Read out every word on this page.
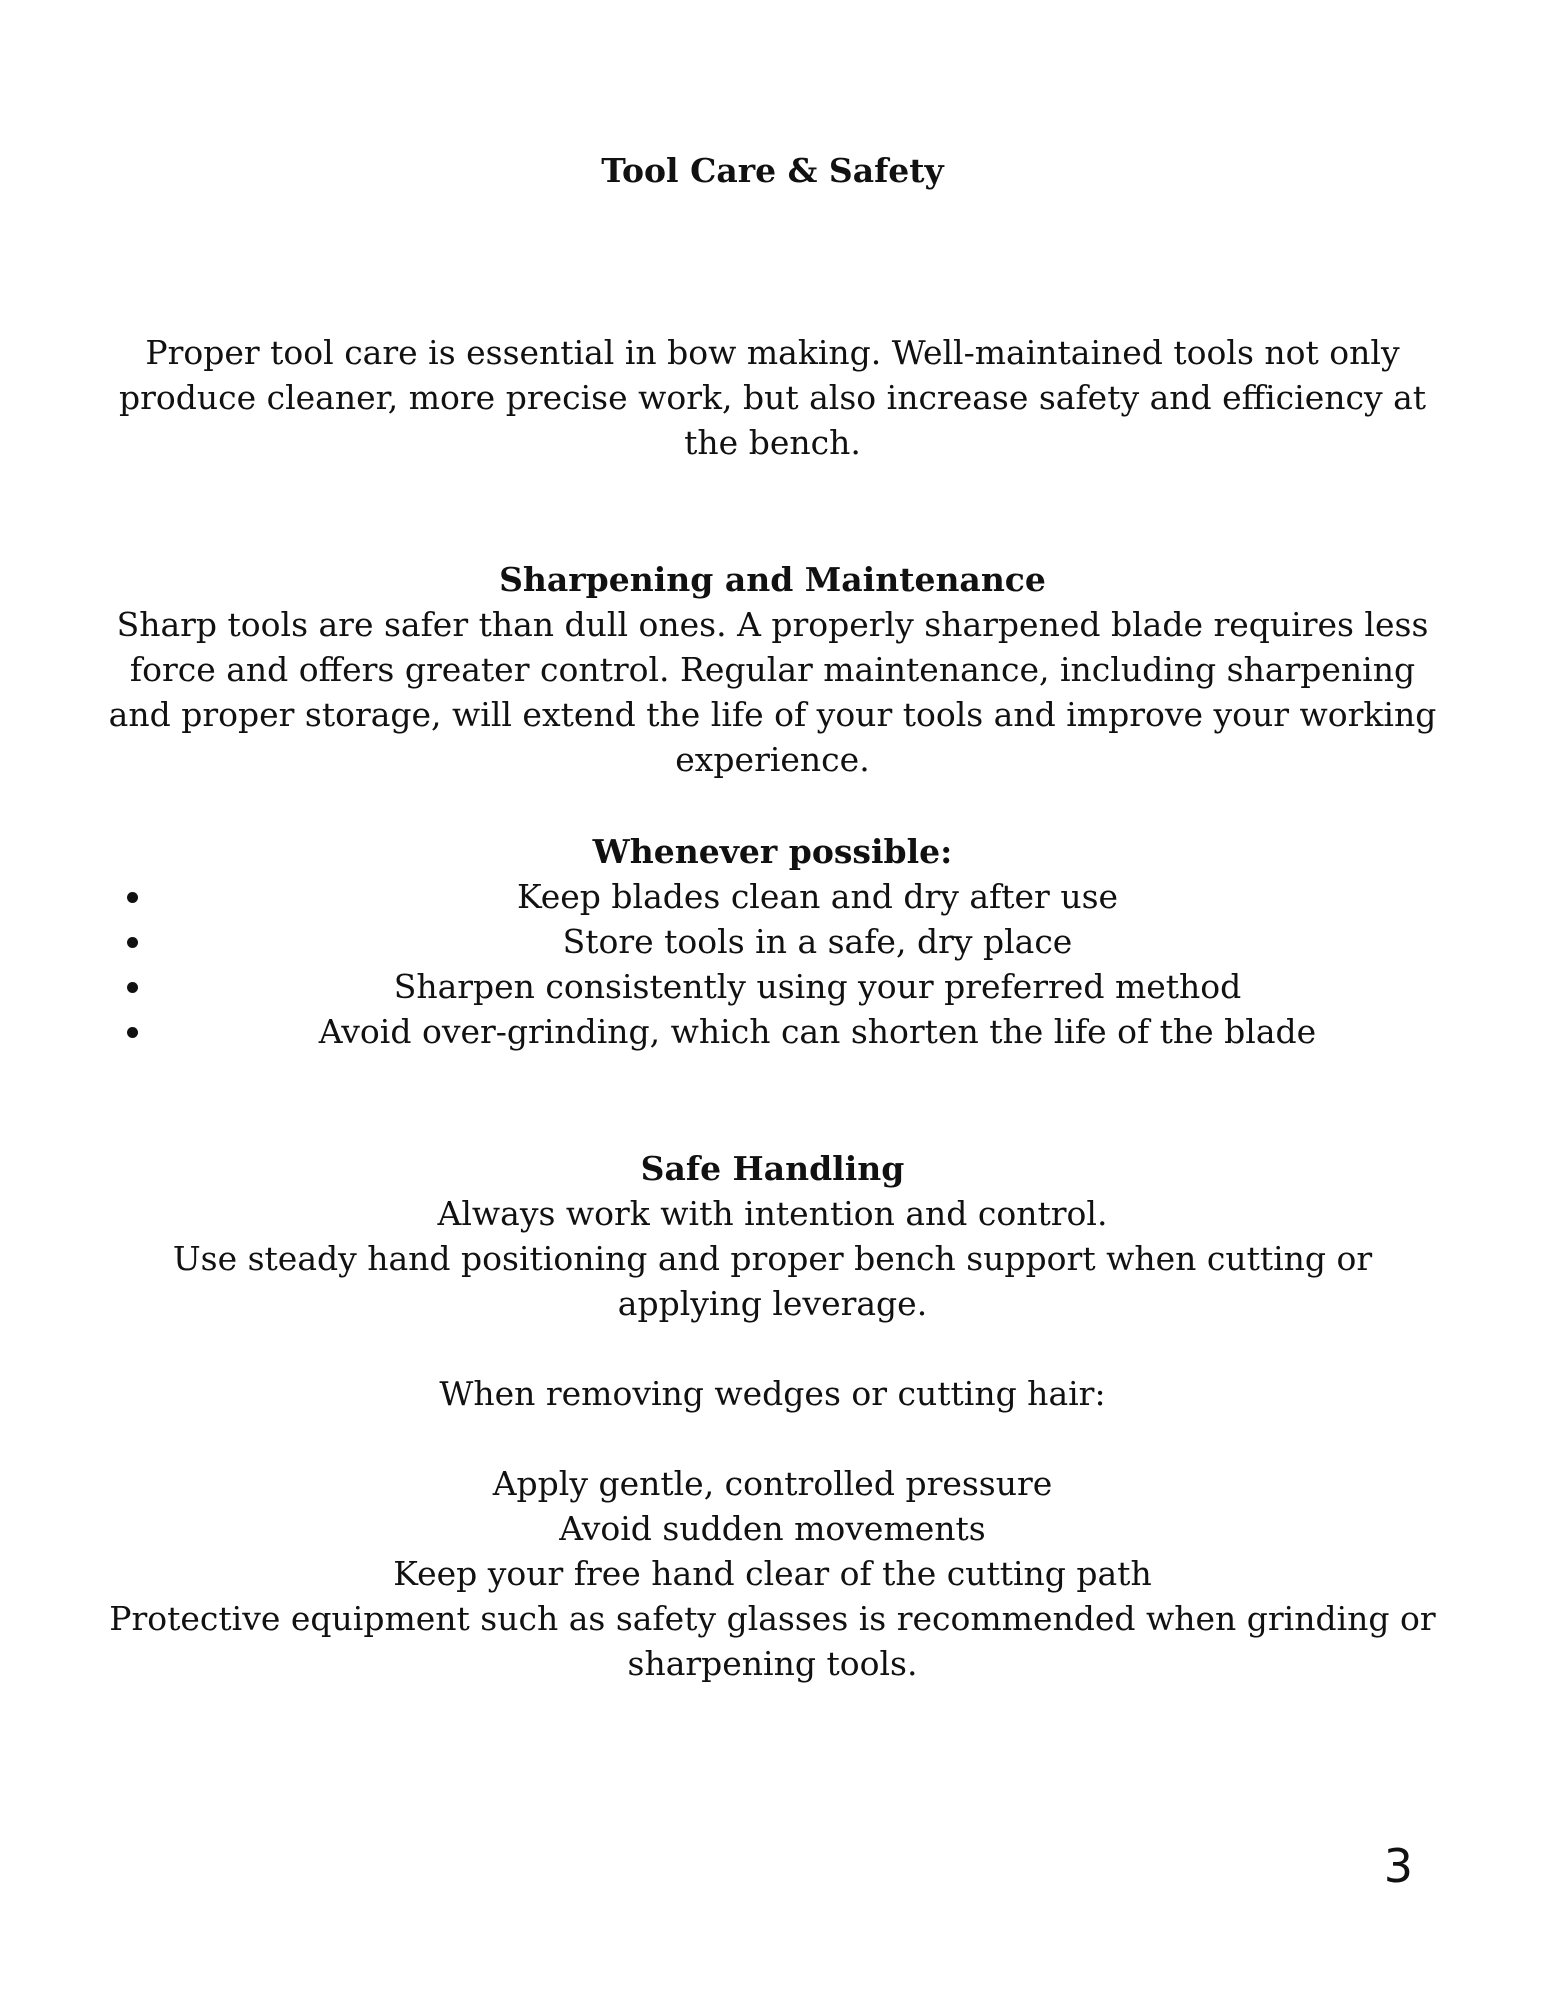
Tool Care & Safety
Proper tool care is essential in bow making. Well-maintained tools not only produce cleaner, more precise work, but also increase safety and efficiency at the bench.
Sharpening and Maintenance
Sharp tools are safer than dull ones. A properly sharpened blade requires less force and offers greater control. Regular maintenance, including sharpening and proper storage, will extend the life of your tools and improve your working experience.
Whenever possible:
Keep blades clean and dry after use
Store tools in a safe, dry place
Sharpen consistently using your preferred method
Avoid over-grinding, which can shorten the life of the blade
Safe Handling
Always work with intention and control.
Use steady hand positioning and proper bench support when cutting or applying leverage.
When removing wedges or cutting hair:
Apply gentle, controlled pressure
Avoid sudden movements
Keep your free hand clear of the cutting path
Protective equipment such as safety glasses is recommended when grinding or sharpening tools.
3
